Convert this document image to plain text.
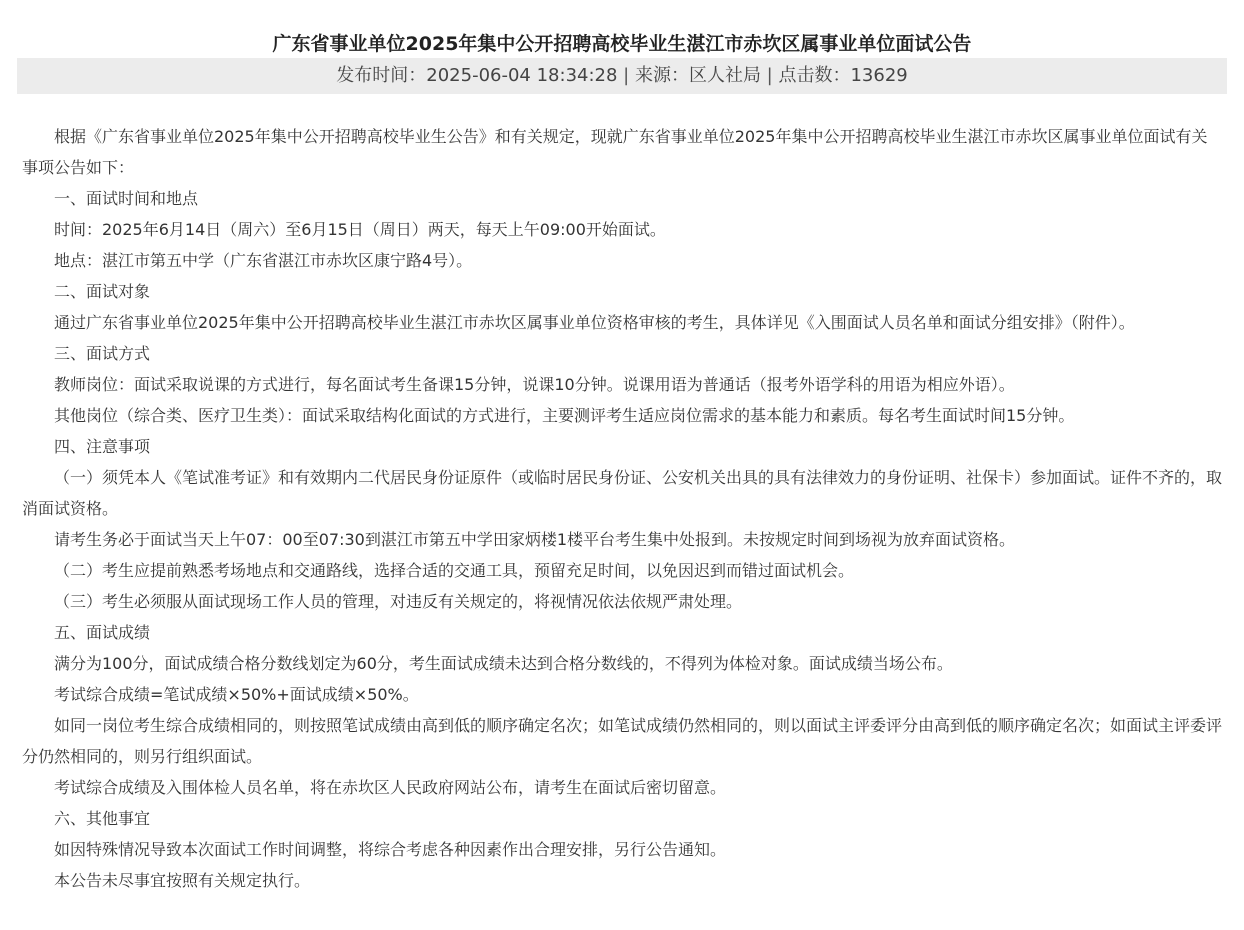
广东省事业单位2025年集中公开招聘高校毕业生湛江市赤坎区属事业单位面试公告
发布时间：2025-06-04 18:34:28 | 来源：区人社局 | 点击数：13629

根据《广东省事业单位2025年集中公开招聘高校毕业生公告》和有关规定，现就广东省事业单位2025年集中公开招聘高校毕业生湛江市赤坎区属事业单位面试有关事项公告如下：

一、面试时间和地点

时间：2025年6月14日（周六）至6月15日（周日）两天，每天上午09:00开始面试。

地点：湛江市第五中学（广东省湛江市赤坎区康宁路4号）。

二、面试对象

通过广东省事业单位2025年集中公开招聘高校毕业生湛江市赤坎区属事业单位资格审核的考生，具体详见《入围面试人员名单和面试分组安排》（附件）。

三、面试方式

教师岗位：面试采取说课的方式进行，每名面试考生备课15分钟，说课10分钟。说课用语为普通话（报考外语学科的用语为相应外语）。

其他岗位（综合类、医疗卫生类）：面试采取结构化面试的方式进行，主要测评考生适应岗位需求的基本能力和素质。每名考生面试时间15分钟。

四、注意事项

（一）须凭本人《笔试准考证》和有效期内二代居民身份证原件（或临时居民身份证、公安机关出具的具有法律效力的身份证明、社保卡）参加面试。证件不齐的，取消面试资格。

请考生务必于面试当天上午07：00至07:30到湛江市第五中学田家炳楼1楼平台考生集中处报到。未按规定时间到场视为放弃面试资格。

（二）考生应提前熟悉考场地点和交通路线，选择合适的交通工具，预留充足时间，以免因迟到而错过面试机会。

（三）考生必须服从面试现场工作人员的管理，对违反有关规定的，将视情况依法依规严肃处理。

五、面试成绩

满分为100分，面试成绩合格分数线划定为60分，考生面试成绩未达到合格分数线的，不得列为体检对象。面试成绩当场公布。

考试综合成绩=笔试成绩×50%+面试成绩×50%。

如同一岗位考生综合成绩相同的，则按照笔试成绩由高到低的顺序确定名次；如笔试成绩仍然相同的，则以面试主评委评分由高到低的顺序确定名次；如面试主评委评分仍然相同的，则另行组织面试。

考试综合成绩及入围体检人员名单，将在赤坎区人民政府网站公布，请考生在面试后密切留意。

六、其他事宜

如因特殊情况导致本次面试工作时间调整，将综合考虑各种因素作出合理安排，另行公告通知。

本公告未尽事宜按照有关规定执行。
